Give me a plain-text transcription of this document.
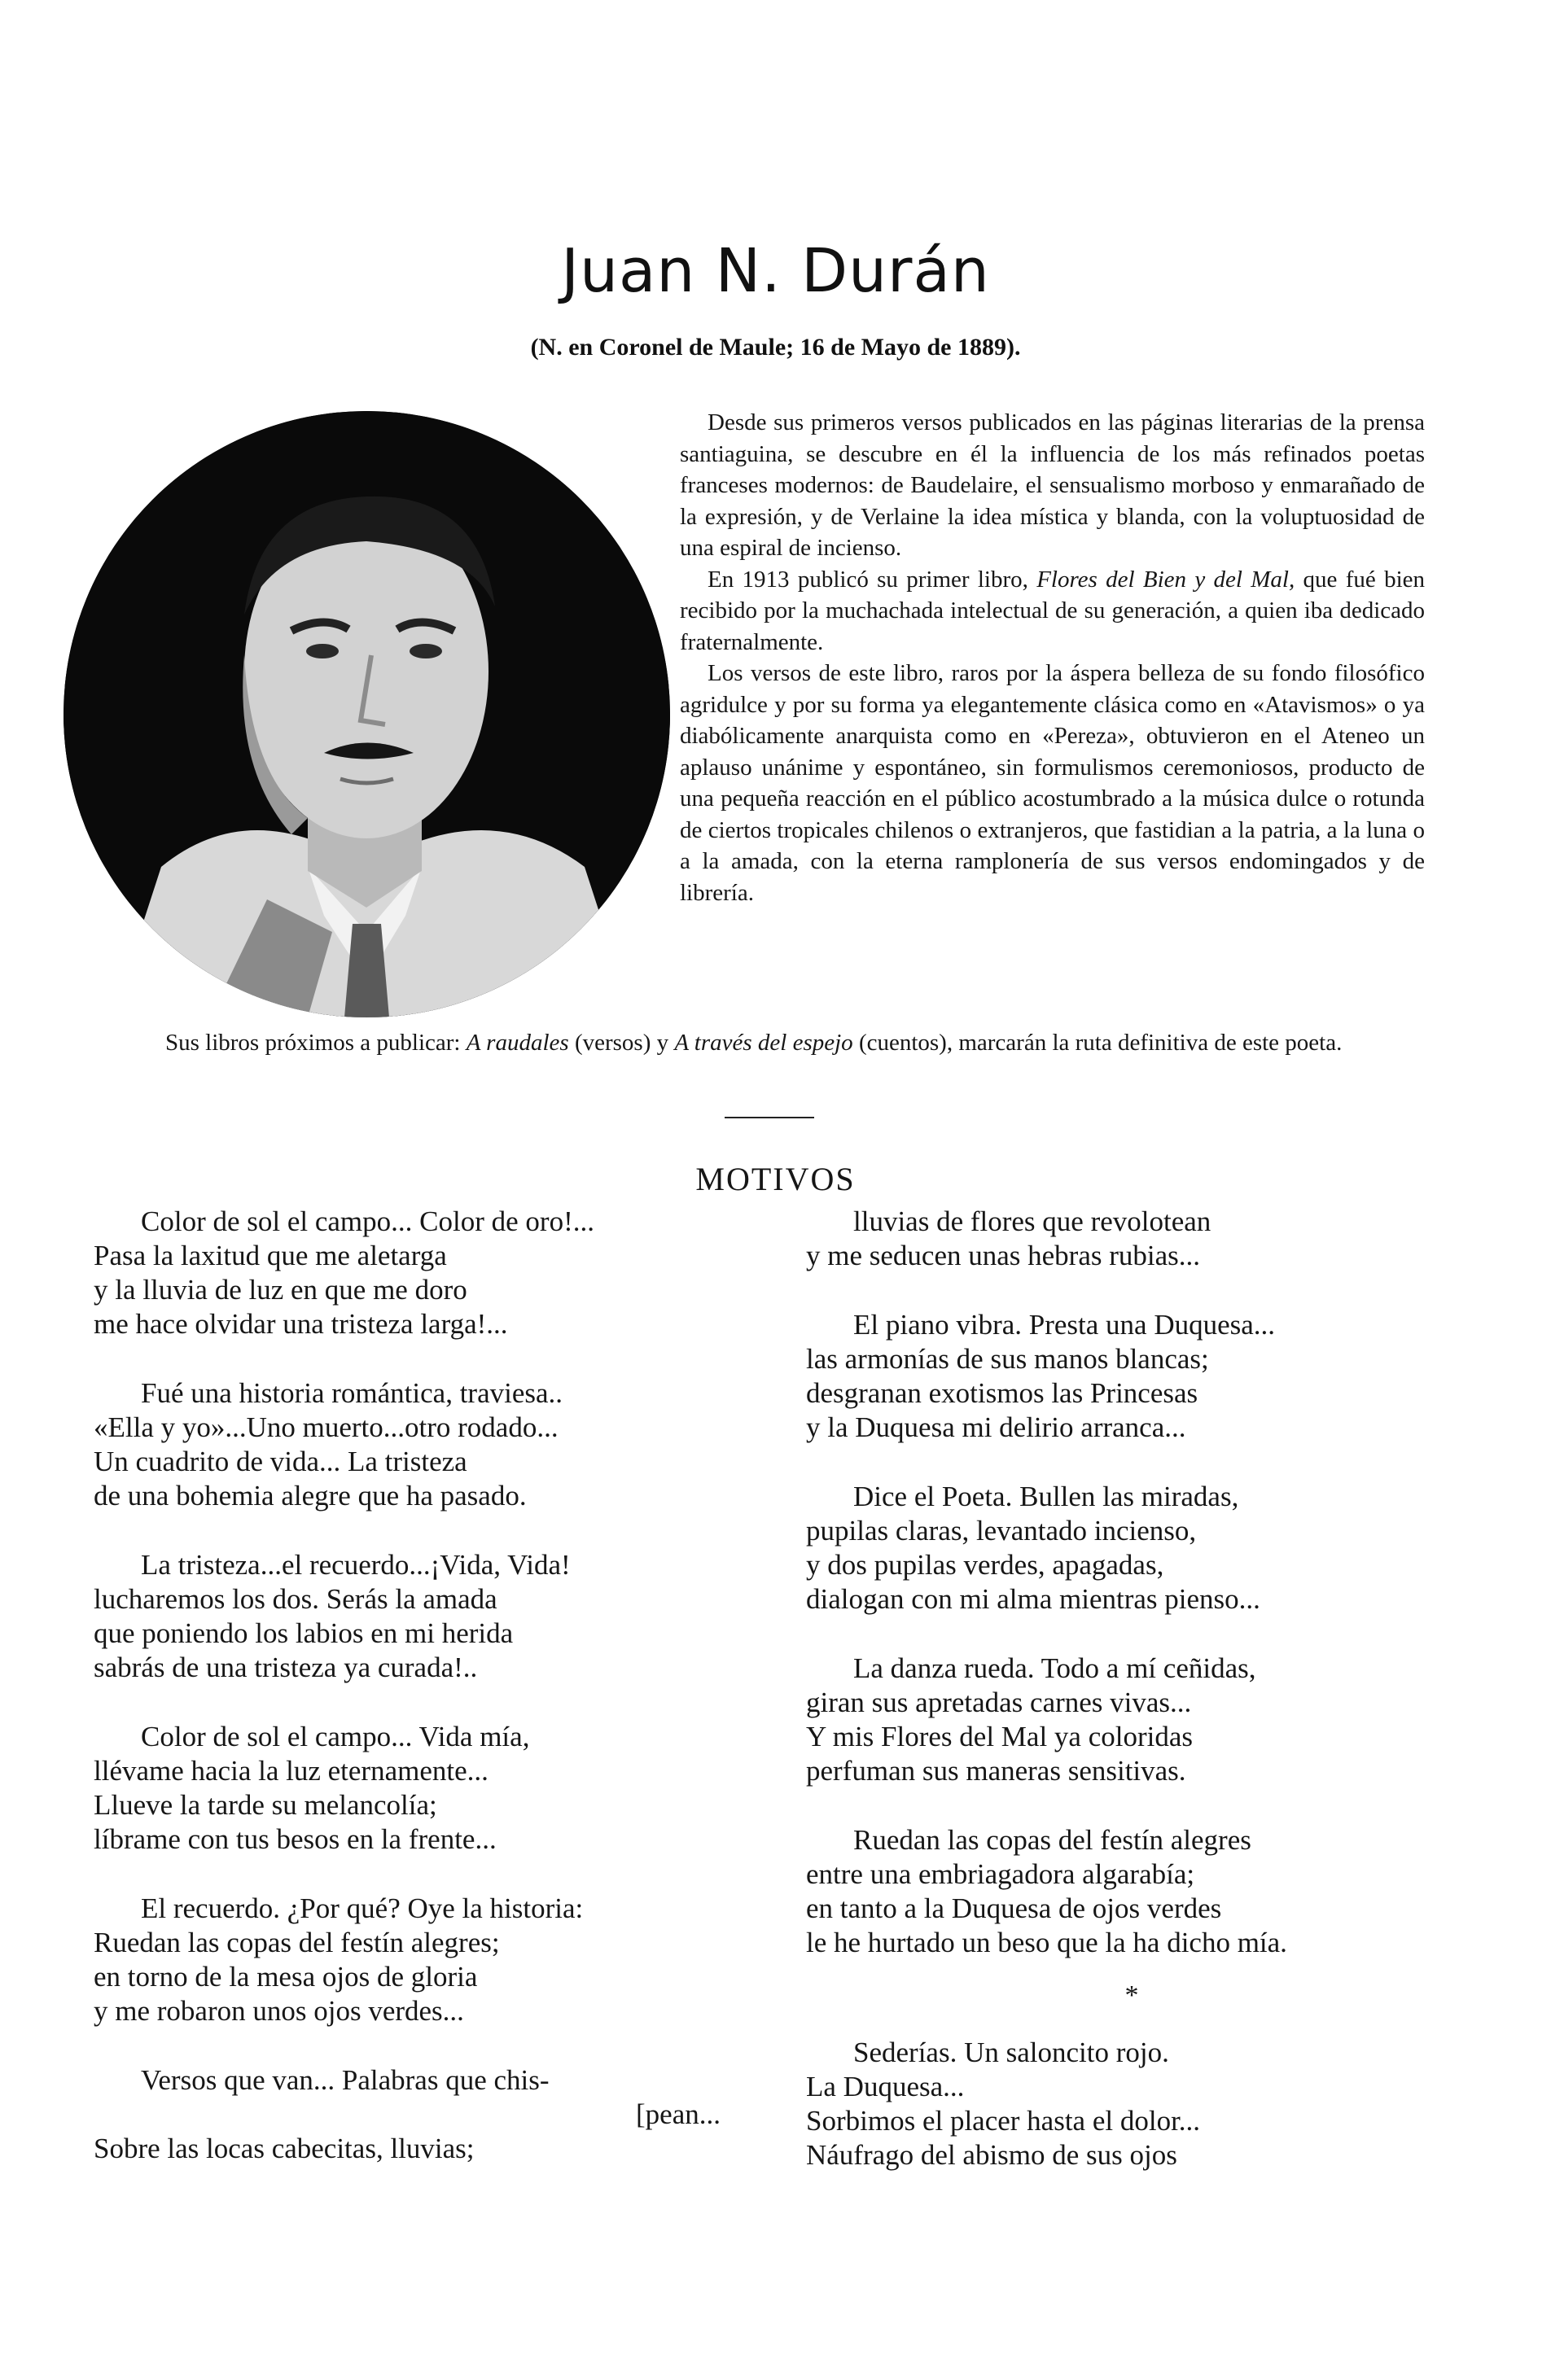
Juan N. Durán
(N. en Coronel de Maule; 16 de Mayo de 1889).

Desde sus primeros versos publicados en las páginas literarias de la prensa santiaguina, se descubre en él la influencia de los más refinados poetas franceses modernos: de Baudelaire, el sensualismo morboso y enmarañado de la expresión, y de Verlaine la idea mística y blanda, con la voluptuosidad de una espiral de incienso.

En 1913 publicó su primer libro, Flores del Bien y del Mal, que fué bien recibido por la muchachada intelectual de su generación, a quien iba dedicado fraternalmente.

Los versos de este libro, raros por la áspera belleza de su fondo filosófico agridulce y por su forma ya elegantemente clásica como en «Atavismos» o ya diabólicamente anarquista como en «Pereza», obtuvieron en el Ateneo un aplauso unánime y espontáneo, sin formulismos ceremoniosos, producto de una pequeña reacción en el público acostumbrado a la música dulce o rotunda de ciertos tropicales chilenos o extranjeros, que fastidian a la patria, a la luna o a la amada, con la eterna ramplonería de sus versos endomingados y de librería.

Sus libros próximos a publicar: A raudales (versos) y A través del espejo (cuentos), marcarán la ruta definitiva de este poeta.

MOTIVOS
Color de sol el campo... Color de oro!...
Pasa la laxitud que me aletarga
y la lluvia de luz en que me doro
me hace olvidar una tristeza larga!...
Fué una historia romántica, traviesa..
«Ella y yo»...Uno muerto...otro rodado...
Un cuadrito de vida... La tristeza
de una bohemia alegre que ha pasado.
La tristeza...el recuerdo...¡Vida, Vida!
lucharemos los dos. Serás la amada
que poniendo los labios en mi herida
sabrás de una tristeza ya curada!..
Color de sol el campo... Vida mía,
llévame hacia la luz eternamente...
Llueve la tarde su melancolía;
líbrame con tus besos en la frente...
El recuerdo. ¿Por qué? Oye la historia:
Ruedan las copas del festín alegres;
en torno de la mesa ojos de gloria
y me robaron unos ojos verdes...
Versos que van... Palabras que chis-
[pean...
Sobre las locas cabecitas, lluvias;
lluvias de flores que revolotean
y me seducen unas hebras rubias...
El piano vibra. Presta una Duquesa...
las armonías de sus manos blancas;
desgranan exotismos las Princesas
y la Duquesa mi delirio arranca...
Dice el Poeta. Bullen las miradas,
pupilas claras, levantado incienso,
y dos pupilas verdes, apagadas,
dialogan con mi alma mientras pienso...
La danza rueda. Todo a mí ceñidas,
giran sus apretadas carnes vivas...
Y mis Flores del Mal ya coloridas
perfuman sus maneras sensitivas.
Ruedan las copas del festín alegres
entre una embriagadora algarabía;
en tanto a la Duquesa de ojos verdes
le he hurtado un beso que la ha dicho mía.
*
Sederías. Un saloncito rojo.
La Duquesa...
Sorbimos el placer hasta el dolor...
Náufrago del abismo de sus ojos
